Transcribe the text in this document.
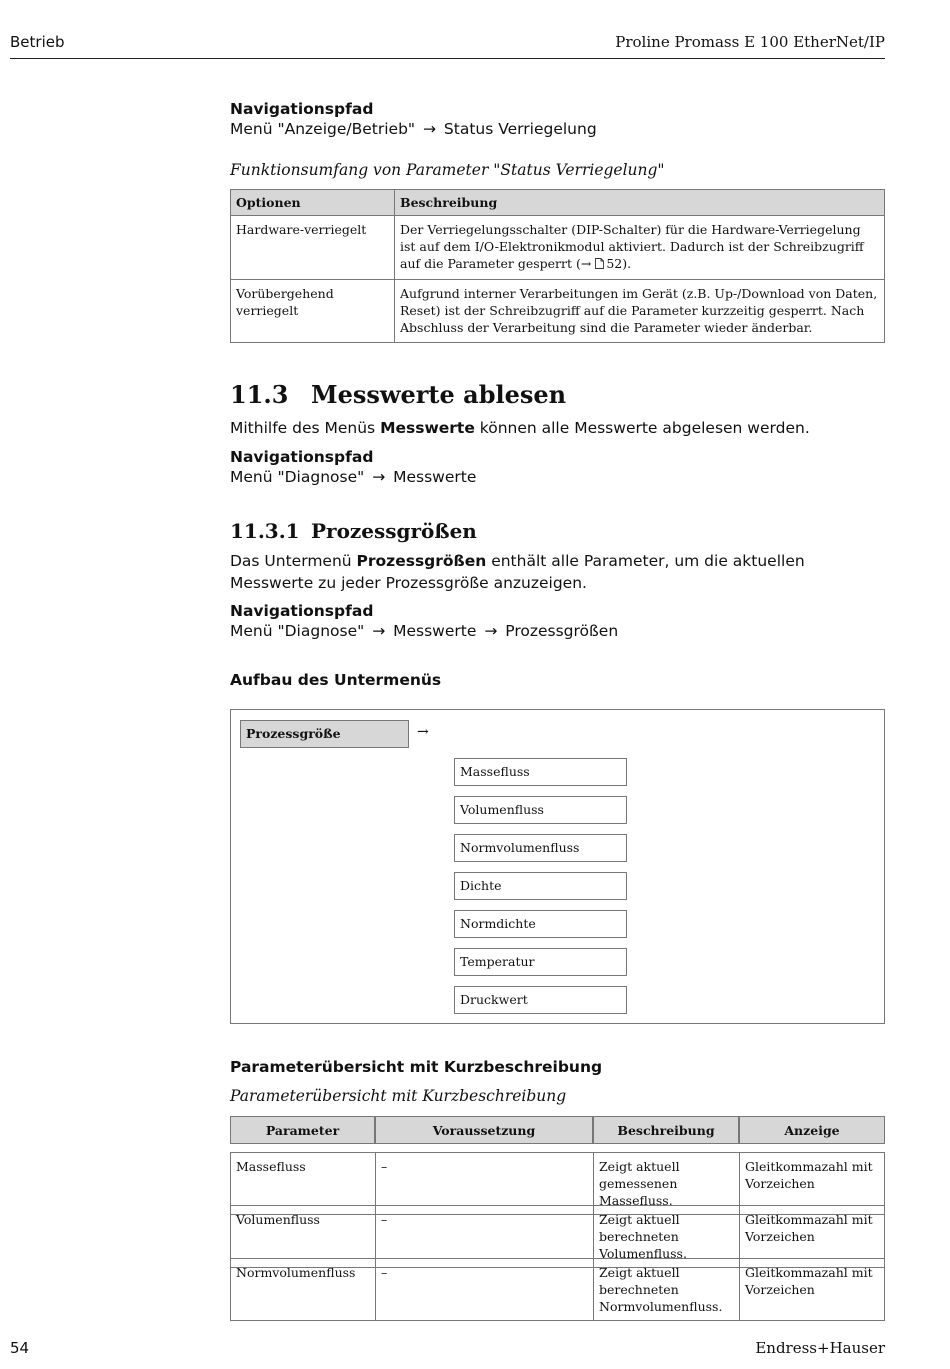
Betrieb	Proline Promass E 100 EtherNet/IP
Navigationspfad
Menü "Anzeige/Betrieb" → Status Verriegelung
Funktionsumfang von Parameter "Status Verriegelung"
Optionen	Beschreibung
Hardware-verriegelt	Der Verriegelungsschalter (DIP-Schalter) für die Hardware-Verriegelung ist auf dem I/O-Elektronikmodul aktiviert. Dadurch ist der Schreibzugriff auf die Parameter gesperrt (→ 52).
Vorübergehend verriegelt	Aufgrund interner Verarbeitungen im Gerät (z.B. Up-/Download von Daten, Reset) ist der Schreibzugriff auf die Parameter kurzzeitig gesperrt. Nach Abschluss der Verarbeitung sind die Parameter wieder änderbar.
11.3 Messwerte ablesen
Mithilfe des Menüs Messwerte können alle Messwerte abgelesen werden.
Navigationspfad
Menü "Diagnose" → Messwerte
11.3.1 Prozessgrößen
Das Untermenü Prozessgrößen enthält alle Parameter, um die aktuellen Messwerte zu jeder Prozessgröße anzuzeigen.
Navigationspfad
Menü "Diagnose" → Messwerte → Prozessgrößen
Aufbau des Untermenüs
Prozessgröße	→
Massefluss
Volumenfluss
Normvolumenfluss
Dichte
Normdichte
Temperatur
Druckwert
Parameterübersicht mit Kurzbeschreibung
Parameterübersicht mit Kurzbeschreibung
Parameter	Voraussetzung	Beschreibung	Anzeige
Massefluss	–	Zeigt aktuell gemessenen Massefluss.	Gleitkommazahl mit Vorzeichen
Volumenfluss	–	Zeigt aktuell berechneten Volumenfluss.	Gleitkommazahl mit Vorzeichen
Normvolumenfluss	–	Zeigt aktuell berechneten Normvolumenfluss.	Gleitkommazahl mit Vorzeichen
54	Endress+Hauser
